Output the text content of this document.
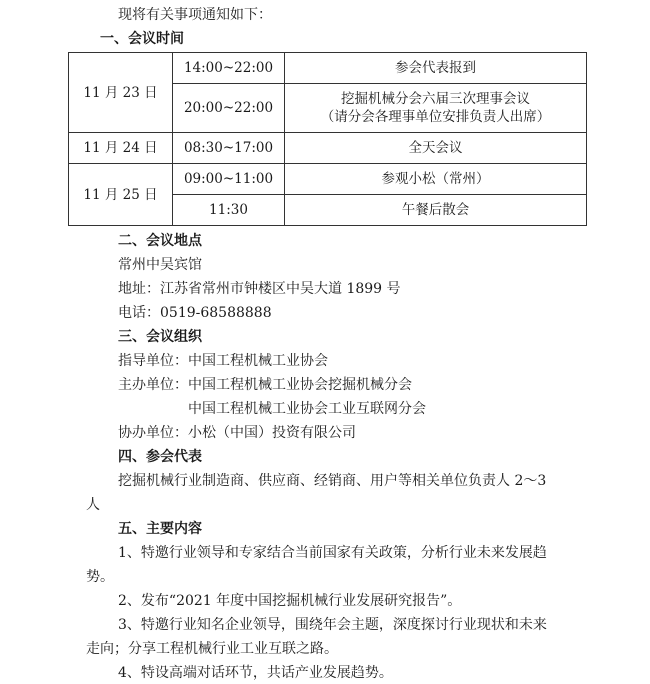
现将有关事项通知如下：
一、会议时间
11 月 23 日	14:00~22:00	参会代表报到
	20:00~22:00	挖掘机械分会六届三次理事会议
（请分会各理事单位安排负责人出席）

11 月 24 日	08:30~17:00	全天会议
11 月 25 日	09:00~11:00	参观小松（常州）
	11:30	午餐后散会
二、会议地点
常州中吴宾馆
地址：江苏省常州市钟楼区中吴大道 1899 号
电话：0519-68588888
三、会议组织
指导单位：中国工程机械工业协会
主办单位：中国工程机械工业协会挖掘机械分会
中国工程机械工业协会工业互联网分会
协办单位：小松（中国）投资有限公司
四、参会代表
挖掘机械行业制造商、供应商、经销商、用户等相关单位负责人 2～3
人
五、主要内容
1、特邀行业领导和专家结合当前国家有关政策，分析行业未来发展趋
势。
2、发布“2021 年度中国挖掘机械行业发展研究报告”。
3、特邀行业知名企业领导，围绕年会主题，深度探讨行业现状和未来
走向；分享工程机械行业工业互联之路。
4、特设高端对话环节，共话产业发展趋势。
